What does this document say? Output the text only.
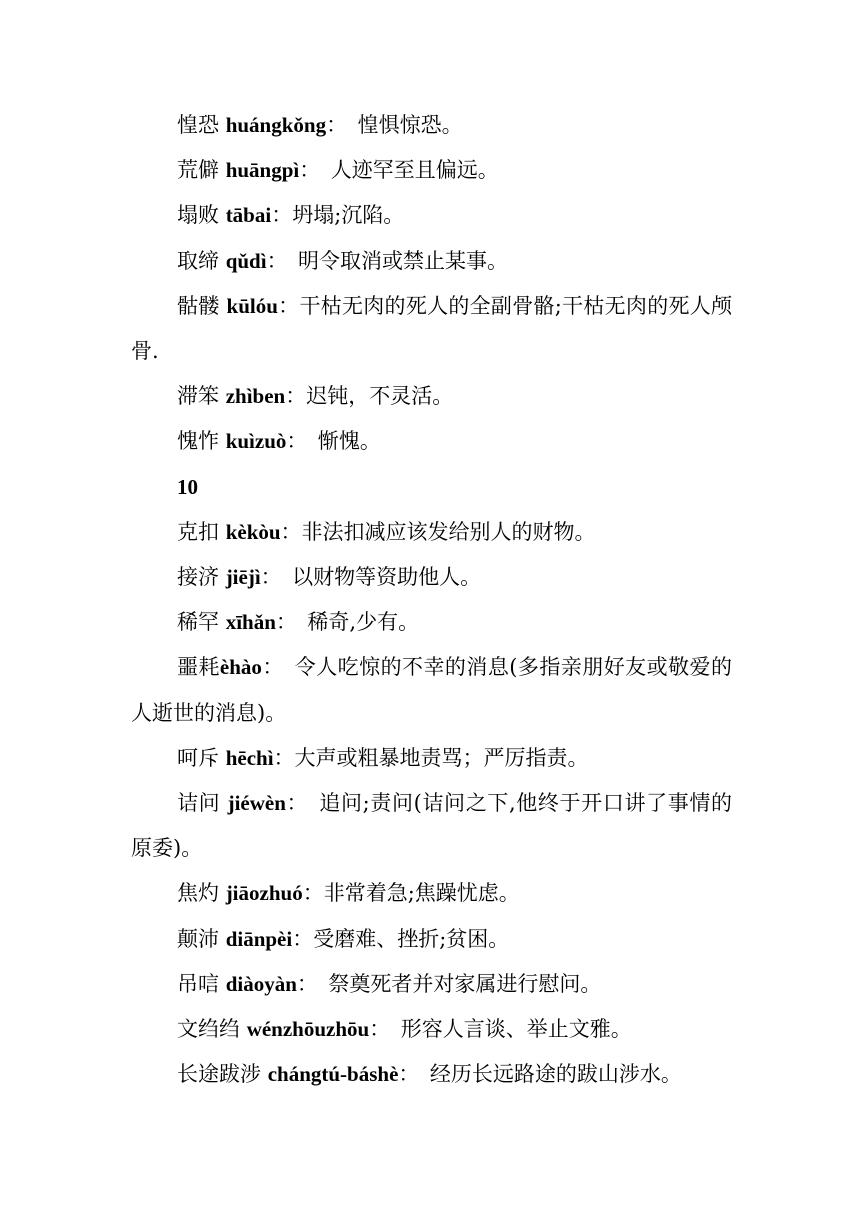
惶恐 huángkǒng：　惶惧惊恐。

荒僻 huāngpì：　人迹罕至且偏远。

塌败 tābai：坍塌;沉陷。

取缔 qǔdì：　明令取消或禁止某事。

骷髅 kūlóu：干枯无肉的死人的全副骨骼;干枯无肉的死人颅骨.

滞笨 zhìben：迟钝，不灵活。

愧怍 kuìzuò：　惭愧。

10

克扣 kèkòu：非法扣减应该发给别人的财物。

接济 jiējì：　以财物等资助他人。

稀罕 xīhǎn：　稀奇,少有。

噩耗èhào：　令人吃惊的不幸的消息(多指亲朋好友或敬爱的人逝世的消息)。

呵斥 hēchì：大声或粗暴地责骂；严厉指责。

诘问 jiéwèn：　追问;责问(诘问之下,他终于开口讲了事情的原委)。

焦灼 jiāozhuó：非常着急;焦躁忧虑。

颠沛 diānpèi：受磨难、挫折;贫困。

吊唁 diàoyàn：　祭奠死者并对家属进行慰问。

文绉绉 wénzhōuzhōu：　形容人言谈、举止文雅。

长途跋涉 chángtú-báshè：　经历长远路途的跋山涉水。
